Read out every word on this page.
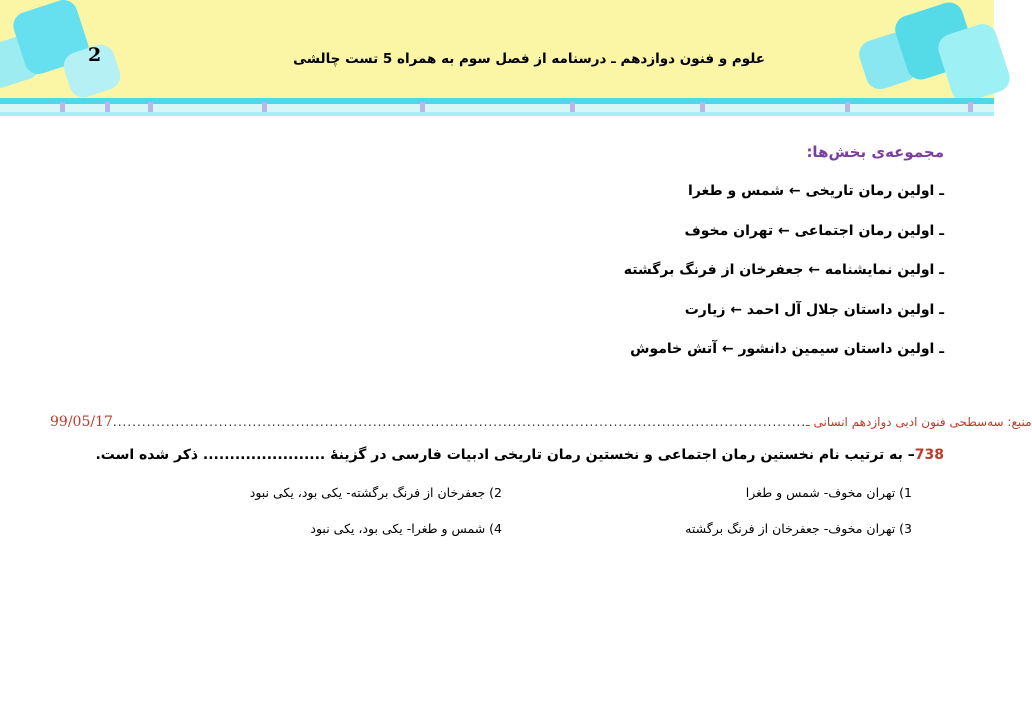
2	علوم و فنون دوازدهم ـ درسنامه از فصل سوم به همراه 5 تست چالشی
مجموعه‌ی بخش‌ها:
ـ اولین رمان تاریخی ← شمس و طغرا
ـ اولین رمان اجتماعی ← تهران مخوف
ـ اولین نمایشنامه ← جعفرخان از فرنگ برگشته
ـ اولین داستان جلال آل احمد ← زیارت
ـ اولین داستان سیمین دانشور ← آتش خاموش
99/05/17	منبع: سه‌سطحی فنون ادبی دوازدهم انسانی ـ
................................................................................................................................................
738– به ترتیب نام نخستین رمان اجتماعی و نخستین رمان تاریخی ادبیات فارسی در گزینهٔ ....................... ذکر شده است.
1) تهران مخوف- شمس و طغرا
2) جعفرخان از فرنگ برگشته- یکی بود، یکی نبود
3) تهران مخوف- جعفرخان از فرنگ برگشته
4) شمس و طغرا- یکی بود، یکی نبود
